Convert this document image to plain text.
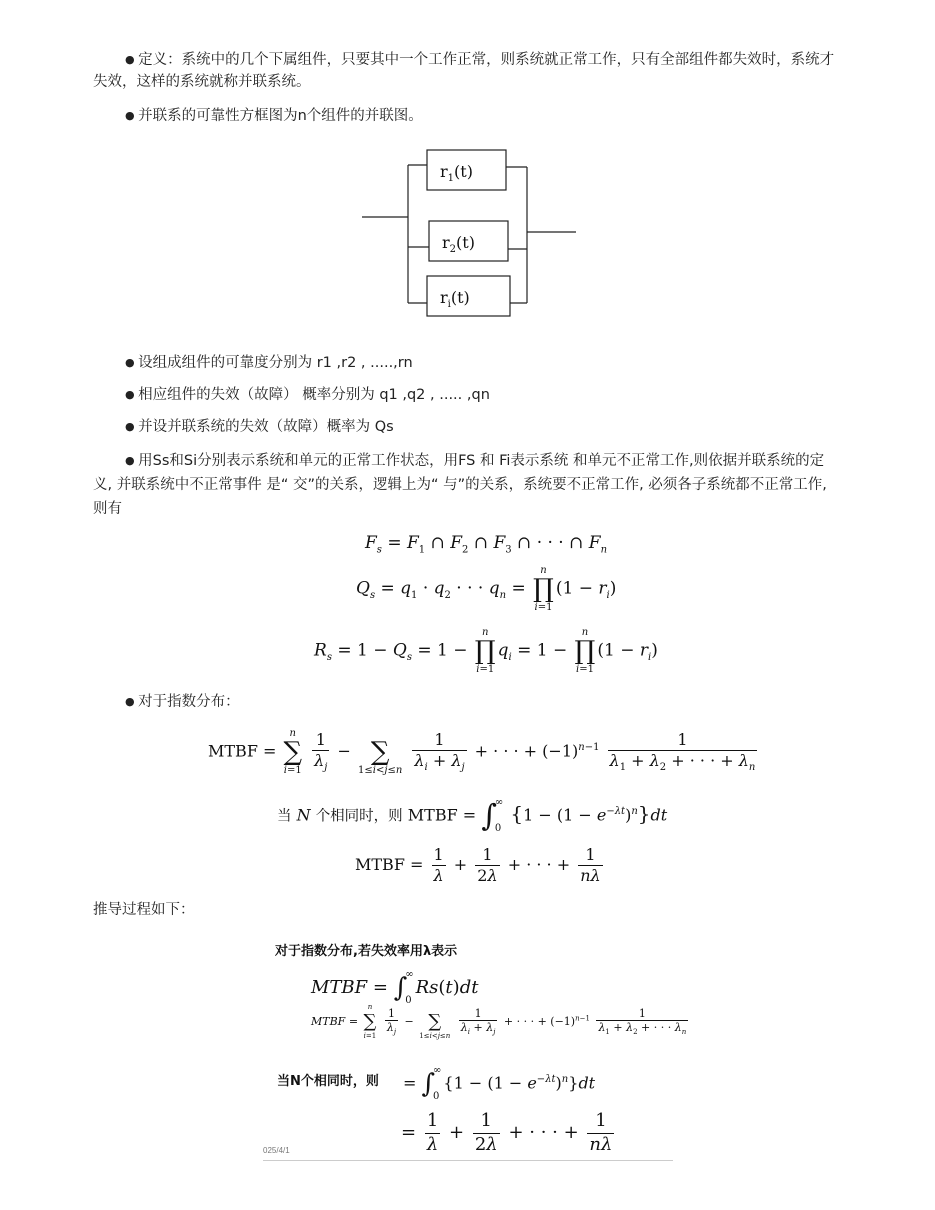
● 定义：系统中的几个下属组件，只要其中一个工作正常，则系统就正常工作，只有全部组件都失效时，系统才失效，这样的系统就称并联系统。
● 并联系的可靠性方框图为n个组件的并联图。
$r_1(t)$
$r_2(t)$
$r_i(t)$
● 设组成组件的可靠度分别为 r1 ,r2 , .....,rn
● 相应组件的失效（故障） 概率分别为 q1 ,q2 , ..... ,qn
● 并设并联系统的失效（故障）概率为 Qs
● 用Ss和Si分别表示系统和单元的正常工作状态，用FS 和 Fi表示系统 和单元不正常工作,则依据并联系统的定义, 并联系统中不正常事件 是“ 交”的关系，逻辑上为“ 与”的关系，系统要不正常工作, 必须各子系统都不正常工作,则有
$F_s = F_1$ ∩ $F_2$ ∩ $F_3$ ∩ · · · ∩ $F_n$
$Q_s = q_1 \cdot q_2$ · · · $q_n$ =
n
∏
i=1
$(1 - r_i)$
$R_s = 1 - Q_s = 1$ −
n
∏
i=1
$q_i = 1$ −
n
∏
i=1
$(1 - r_i)$
● 对于指数分布：
MTBF =
n
∑
i=1
$\frac{1}{\lambda_j}$ −
∑
1≤i<j≤n
$\frac{1}{\lambda_i + \lambda_j}$ + · · · + $(-1)^{n-1} \frac{1}{\lambda_1 + \lambda_2 + \cdot \cdot \cdot + \lambda_n}$
当 N 个相同时，则 MTBF = ∫
∞
0
$\{1 - (1 - e^{-\lambda t})^n\}dt$
MTBF = $\frac{1}{\lambda} + \frac{1}{2\lambda}$ + · · · + $\frac{1}{n\lambda}$
推导过程如下：
对于指数分布,若失效率用λ表示
MTBF = ∫
∞
0
Rs(t)dt
MTBF =
n
∑
i=1
$\frac{1}{\lambda_j}$ −
∑
1≤i<j≤n
$\frac{1}{\lambda_i + \lambda_j}$ + · · · + $(-1)^{n-1} \frac{1}{\lambda_1 + \lambda_2 + \cdot \cdot \cdot \lambda_n}$
当N个相同时，则 = ∫
∞
0
$\{1 - (1 - e^{-\lambda t})^n\}dt$
= $\frac{1}{\lambda} + \frac{1}{2\lambda}$ + · · · + $\frac{1}{n\lambda}$
025/4/1
